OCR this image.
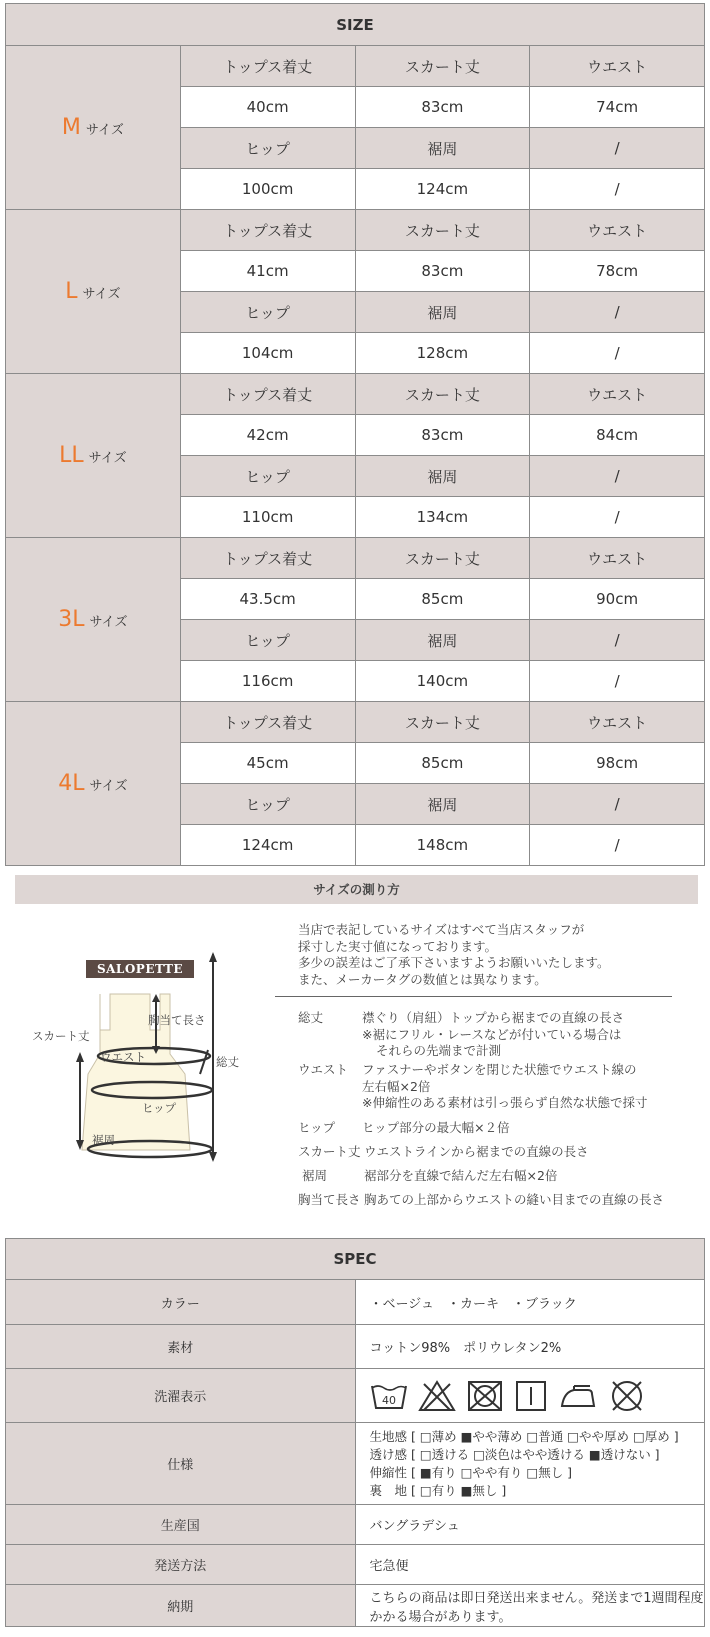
SIZE			
M サイズ	トップス着丈	スカート丈	ウエスト
	40cm	83cm	74cm
	ヒップ	裾周	/
	100cm	124cm	/
L サイズ	トップス着丈	スカート丈	ウエスト
	41cm	83cm	78cm
	ヒップ	裾周	/
	104cm	128cm	/
LL サイズ	トップス着丈	スカート丈	ウエスト
	42cm	83cm	84cm
	ヒップ	裾周	/
	110cm	134cm	/
3L サイズ	トップス着丈	スカート丈	ウエスト
	43.5cm	85cm	90cm
	ヒップ	裾周	/
	116cm	140cm	/
4L サイズ	トップス着丈	スカート丈	ウエスト
	45cm	85cm	98cm
	ヒップ	裾周	/
	124cm	148cm	/
サイズの測り方
SALOPETTE
胸当て長さ
スカート丈
ウエスト	総丈
ヒップ
裾周
当店で表記しているサイズはすべて当店スタッフが
採寸した実寸値になっております。
多少の誤差はご了承下さいますようお願いいたします。
また、メーカータグの数値とは異なります。
総丈	襟ぐり（肩紐）トップから裾までの直線の長さ
※裾にフリル・レースなどが付いている場合は
それらの先端まで計測
ウエスト	ファスナーやボタンを閉じた状態でウエスト線の
左右幅×2倍
※伸縮性のある素材は引っ張らず自然な状態で採寸
ヒップ	ヒップ部分の最大幅×２倍
スカート丈 ウエストラインから裾までの直線の長さ
裾周	裾部分を直線で結んだ左右幅×2倍
胸当て長さ 胸あての上部からウエストの縫い目までの直線の長さ
SPEC	
カラー	・ベージュ　・カーキ　・ブラック
素材	コットン98%　ポリウレタン2%
洗濯表示	40

仕様	生地感 [ □薄め ■やや薄め □普通 □やや厚め □厚め ]
透け感 [ □透ける □淡色はやや透ける ■透けない ]
伸縮性 [ ■有り □やや有り □無し ]
裏　地 [ □有り ■無し ]

生産国	バングラデシュ
発送方法	宅急便
納期	こちらの商品は即日発送出来ません。発送まで1週間程度かかる場合があります。
